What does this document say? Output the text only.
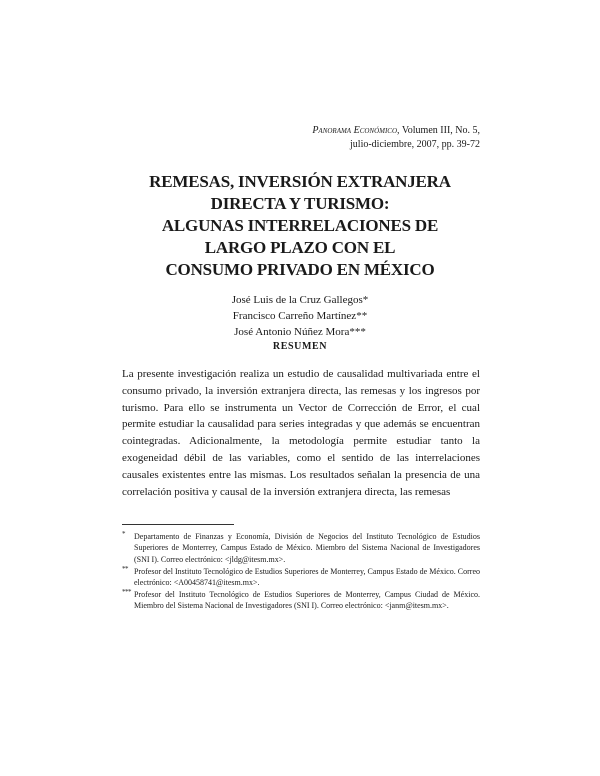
Panorama Económico, Volumen III, No. 5,
julio-diciembre, 2007, pp. 39-72
REMESAS, INVERSIÓN EXTRANJERA
DIRECTA Y TURISMO:
ALGUNAS INTERRELACIONES DE
LARGO PLAZO CON EL
CONSUMO PRIVADO EN MÉXICO
José Luis de la Cruz Gallegos*
Francisco Carreño Martínez**
José Antonio Núñez Mora***
RESUMEN
La presente investigación realiza un estudio de causalidad multivariada entre el consumo privado, la inversión extranjera directa, las remesas y los ingresos por turismo. Para ello se instrumenta un Vector de Corrección de Error, el cual permite estudiar la causalidad para series integradas y que además se encuentran cointegradas. Adicionalmente, la metodología permite estudiar tanto la exogeneidad débil de las variables, como el sentido de las interrelaciones causales existentes entre las mismas. Los resultados señalan la presencia de una correlación positiva y causal de la inversión extranjera directa, las remesas
* Departamento de Finanzas y Economía, División de Negocios del Instituto Tecnológico de Estudios Superiores de Monterrey, Campus Estado de México. Miembro del Sistema Nacional de Investigadores (SNI I). Correo electrónico: <jldg@itesm.mx>.
** Profesor del Instituto Tecnológico de Estudios Superiores de Monterrey, Campus Estado de México. Correo electrónico: <A00458741@itesm.mx>.
*** Profesor del Instituto Tecnológico de Estudios Superiores de Monterrey, Campus Ciudad de México. Miembro del Sistema Nacional de Investigadores (SNI I). Correo electrónico: <janm@itesm.mx>.
